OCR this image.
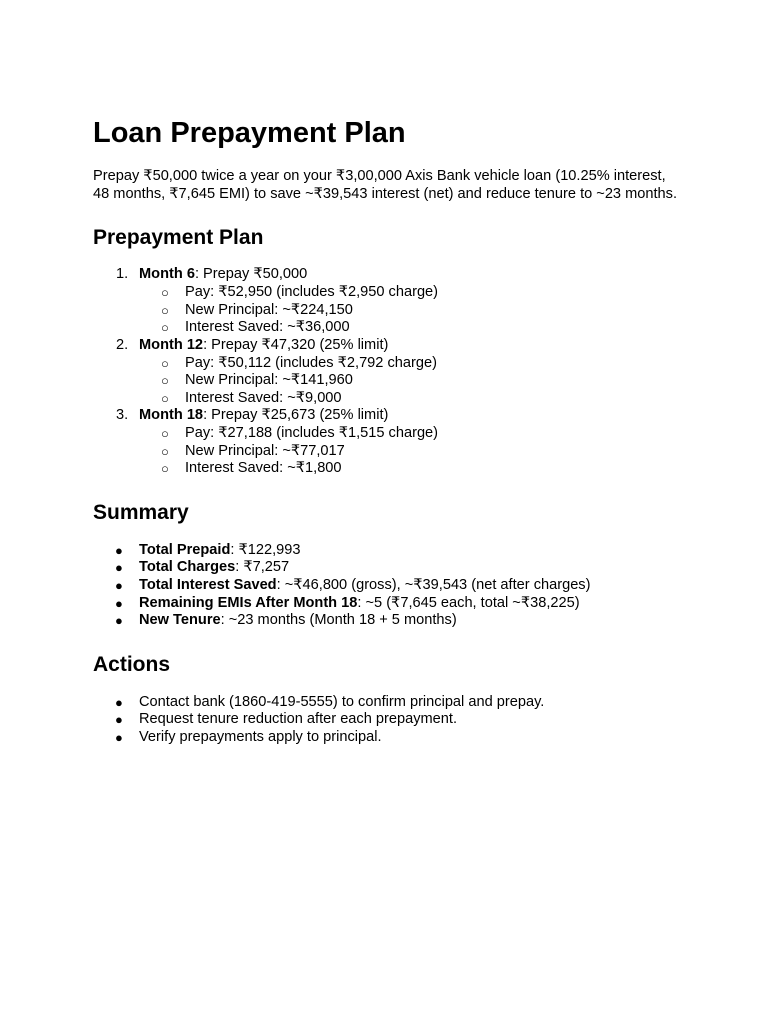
Loan Prepayment Plan

Prepay ₹50,000 twice a year on your ₹3,00,000 Axis Bank vehicle loan (10.25% interest, 48 months, ₹7,645 EMI) to save ~₹39,543 interest (net) and reduce tenure to ~23 months.

Prepayment Plan
1. Month 6: Prepay ₹50,000
○ Pay: ₹52,950 (includes ₹2,950 charge)
○ New Principal: ~₹224,150
○ Interest Saved: ~₹36,000
2. Month 12: Prepay ₹47,320 (25% limit)
○ Pay: ₹50,112 (includes ₹2,792 charge)
○ New Principal: ~₹141,960
○ Interest Saved: ~₹9,000
3. Month 18: Prepay ₹25,673 (25% limit)
○ Pay: ₹27,188 (includes ₹1,515 charge)
○ New Principal: ~₹77,017
○ Interest Saved: ~₹1,800
Summary
● Total Prepaid: ₹122,993
● Total Charges: ₹7,257
● Total Interest Saved: ~₹46,800 (gross), ~₹39,543 (net after charges)
● Remaining EMIs After Month 18: ~5 (₹7,645 each, total ~₹38,225)
● New Tenure: ~23 months (Month 18 + 5 months)
Actions
● Contact bank (1860-419-5555) to confirm principal and prepay.
● Request tenure reduction after each prepayment.
● Verify prepayments apply to principal.
